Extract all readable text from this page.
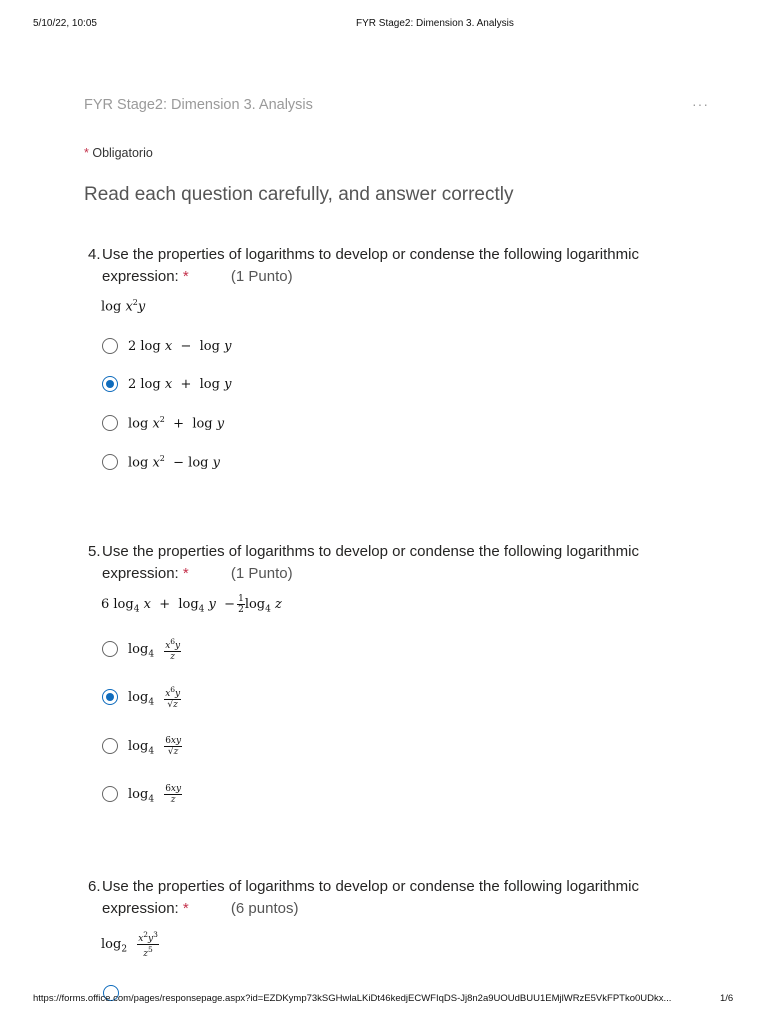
5/10/22, 10:05	FYR Stage2: Dimension 3. Analysis
FYR Stage2: Dimension 3. Analysis	···
* Obligatorio
Read each question carefully, and answer correctly
4. Use the properties of logarithms to develop or condense the following logarithmic
expression: *	(1 Punto)
$\log x^2y$
2 log x  −  log y
2 log x  +  log y
$\log x^2 + \log y$
$\log x^2 - \log y$
5. Use the properties of logarithms to develop or condense the following logarithmic
expression: *	(1 Punto)
6 $\log_4 x + \log_4 y - \frac{1}{2} \log_4 z$
$\log_4 \frac{x^6y}{z}$
$\log_4 \frac{x^6y}{√z}$
$\log_4 \frac{6xy}{√z}$
$\log_4 \frac{6xy}{z}$
6. Use the properties of logarithms to develop or condense the following logarithmic
expression: *	(6 puntos)
$\log_2 \frac{x^2y^3}{z^5}$
https://forms.office.com/pages/responsepage.aspx?id=EZDKymp73kSGHwlaLKiDt46kedjECWFIqDS-Jj8n2a9UOUdBUU1EMjlWRzE5VkFPTko0UDkx...	1/6
